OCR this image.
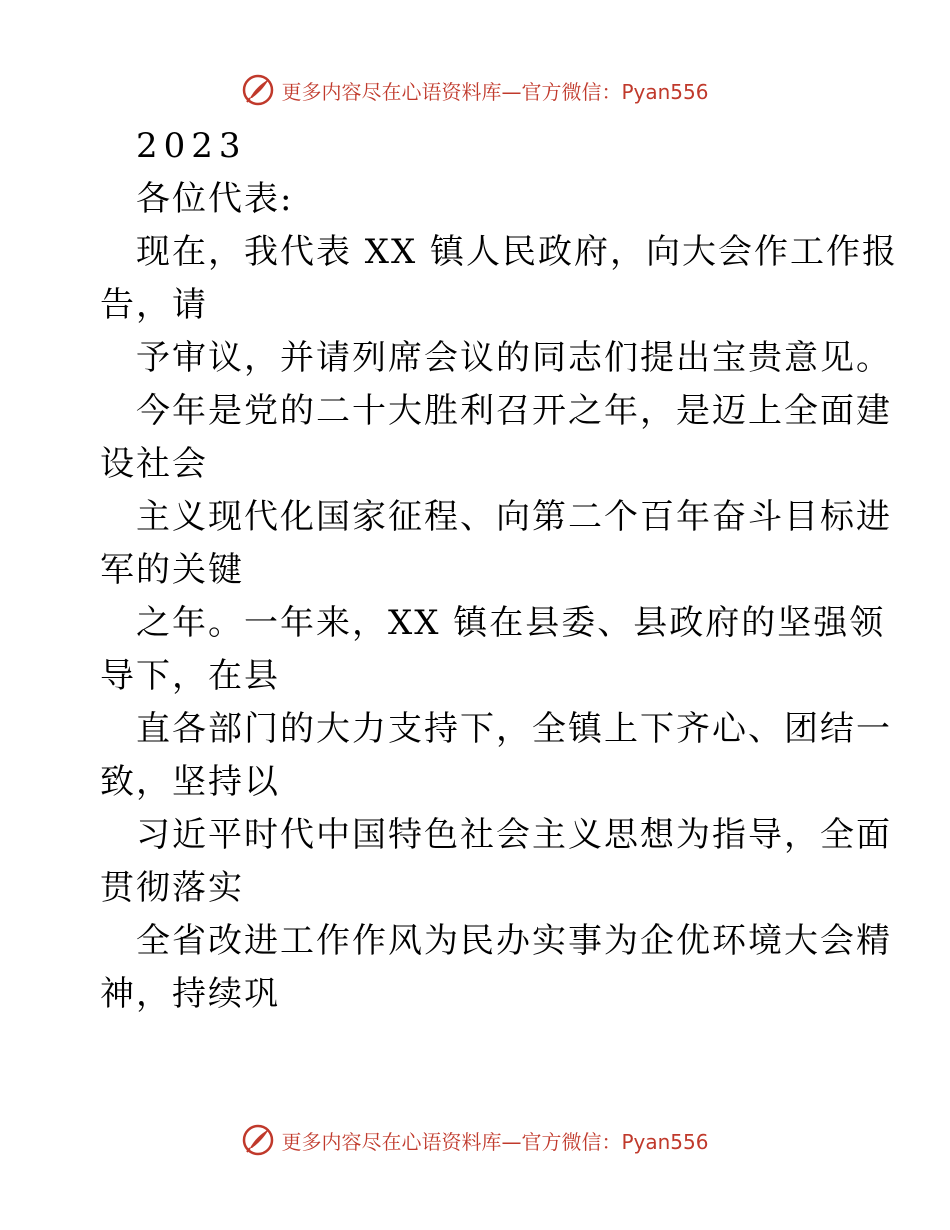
更多内容尽在心语资料库—官方微信：Pyan556
2023
各位代表:
现在，我代表 XX 镇人民政府，向大会作工作报
告，请
予审议，并请列席会议的同志们提出宝贵意见。
今年是党的二十大胜利召开之年，是迈上全面建
设社会
主义现代化国家征程、向第二个百年奋斗目标进
军的关键
之年。一年来，XX 镇在县委、县政府的坚强领
导下，在县
直各部门的大力支持下，全镇上下齐心、团结一
致，坚持以
习近平时代中国特色社会主义思想为指导，全面
贯彻落实
全省改进工作作风为民办实事为企优环境大会精
神，持续巩
更多内容尽在心语资料库—官方微信：Pyan556
